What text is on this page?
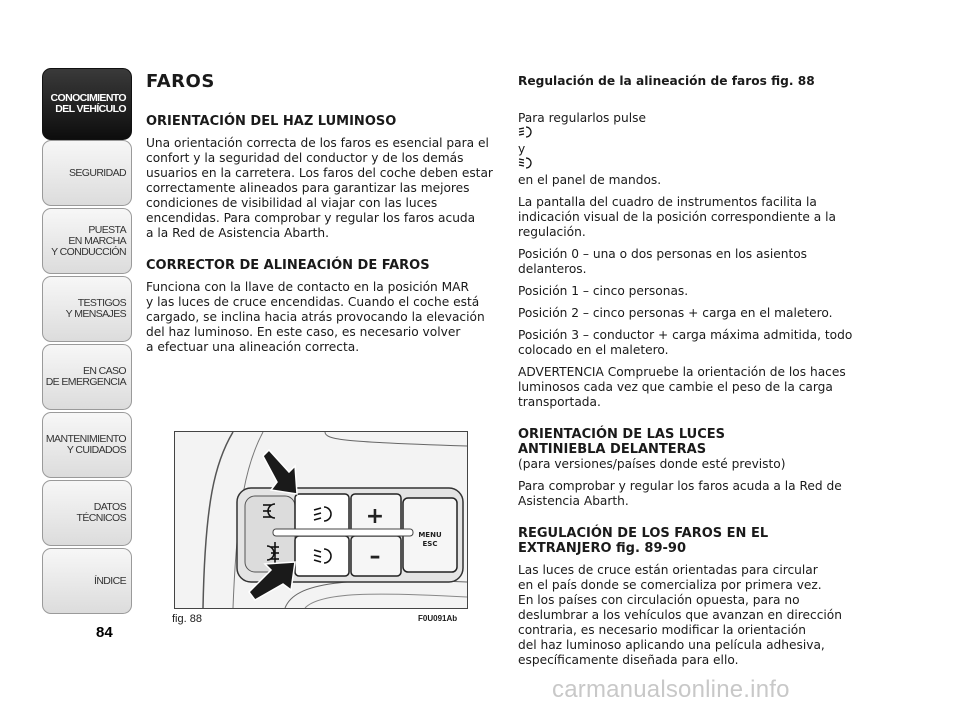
CONOCIMIENTO
DEL VEHÍCULO
SEGURIDAD
PUESTA
EN MARCHA
Y CONDUCCIÓN
TESTIGOS
Y MENSAJES
EN CASO
DE EMERGENCIA
MANTENIMIENTO
Y CUIDADOS
DATOS TÉCNICOS
ÍNDICE
84
FAROS
ORIENTACIÓN DEL HAZ LUMINOSO

Una orientación correcta de los faros es esencial para el
confort y la seguridad del conductor y de los demás
usuarios en la carretera. Los faros del coche deben estar
correctamente alineados para garantizar las mejores
condiciones de visibilidad al viajar con las luces
encendidas. Para comprobar y regular los faros acuda
a la Red de Asistencia Abarth.

CORRECTOR DE ALINEACIÓN DE FAROS

Funciona con la llave de contacto en la posición MAR
y las luces de cruce encendidas. Cuando el coche está
cargado, se inclina hacia atrás provocando la elevación
del haz luminoso. En este caso, es necesario volver
a efectuar una alineación correcta.

+
–
MENU
ESC
fig. 88	F0U091Ab
Regulación de la alineación de faros fig. 88

Para regularlos pulse

y

en el panel de mandos.

La pantalla del cuadro de instrumentos facilita la
indicación visual de la posición correspondiente a la
regulación.

Posición 0 – una o dos personas en los asientos
delanteros.

Posición 1 – cinco personas.

Posición 2 – cinco personas + carga en el maletero.

Posición 3 – conductor + carga máxima admitida, todo
colocado en el maletero.

ADVERTENCIA Compruebe la orientación de los haces
luminosos cada vez que cambie el peso de la carga
transportada.

ORIENTACIÓN DE LAS LUCES
ANTINIEBLA DELANTERAS

(para versiones/países donde esté previsto)

Para comprobar y regular los faros acuda a la Red de
Asistencia Abarth.

REGULACIÓN DE LOS FAROS EN EL
EXTRANJERO fig. 89-90

Las luces de cruce están orientadas para circular
en el país donde se comercializa por primera vez.
En los países con circulación opuesta, para no
deslumbrar a los vehículos que avanzan en dirección
contraria, es necesario modificar la orientación
del haz luminoso aplicando una película adhesiva,
específicamente diseñada para ello.

carmanualsonline.info
